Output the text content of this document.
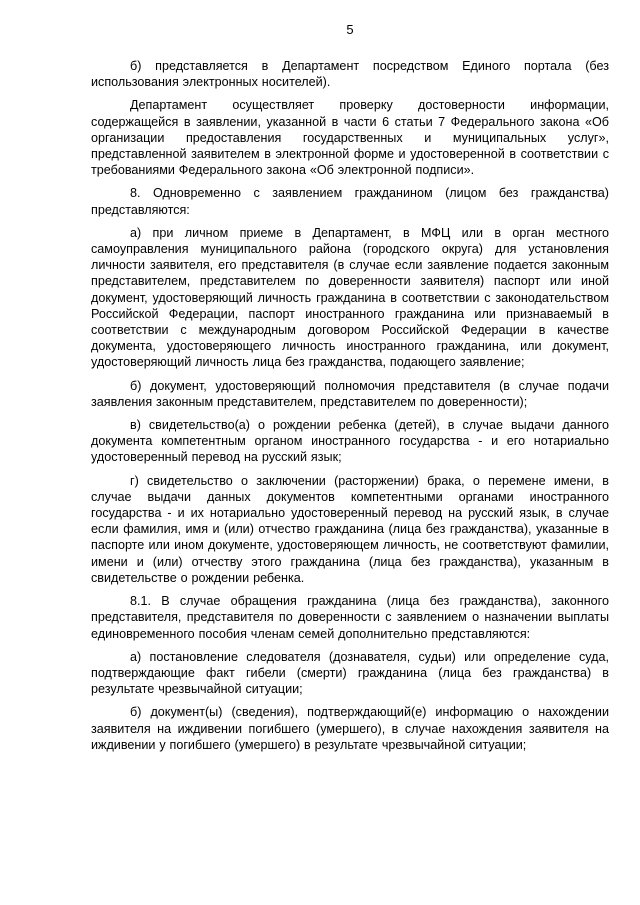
5

б) представляется в Департамент посредством Единого портала (без использования электронных носителей).

Департамент осуществляет проверку достоверности информации, содержащейся в заявлении, указанной в части 6 статьи 7 Федерального закона «Об организации предоставления государственных и муниципальных услуг», представленной заявителем в электронной форме и удостоверенной в соответствии с требованиями Федерального закона «Об электронной подписи».

8. Одновременно с заявлением гражданином (лицом без гражданства) представляются:

а) при личном приеме в Департамент, в МФЦ или в орган местного самоуправления муниципального района (городского округа) для установления личности заявителя, его представителя (в случае если заявление подается законным представителем, представителем по доверенности заявителя) паспорт или иной документ, удостоверяющий личность гражданина в соответствии с законодательством Российской Федерации, паспорт иностранного гражданина или признаваемый в соответствии с международным договором Российской Федерации в качестве документа, удостоверяющего личность иностранного гражданина, или документ, удостоверяющий личность лица без гражданства, подающего заявление;

б) документ, удостоверяющий полномочия представителя (в случае подачи заявления законным представителем, представителем по доверенности);

в) свидетельство(а) о рождении ребенка (детей), в случае выдачи данного документа компетентным органом иностранного государства - и его нотариально удостоверенный перевод на русский язык;

г) свидетельство о заключении (расторжении) брака, о перемене имени, в случае выдачи данных документов компетентными органами иностранного государства - и их нотариально удостоверенный перевод на русский язык, в случае если фамилия, имя и (или) отчество гражданина (лица без гражданства), указанные в паспорте или ином документе, удостоверяющем личность, не соответствуют фамилии, имени и (или) отчеству этого гражданина (лица без гражданства), указанным в свидетельстве о рождении ребенка.

8.1. В случае обращения гражданина (лица без гражданства), законного представителя, представителя по доверенности с заявлением о назначении выплаты единовременного пособия членам семей дополнительно представляются:

а) постановление следователя (дознавателя, судьи) или определение суда, подтверждающие факт гибели (смерти) гражданина (лица без гражданства) в результате чрезвычайной ситуации;

б) документ(ы) (сведения), подтверждающий(е) информацию о нахождении заявителя на иждивении погибшего (умершего), в случае нахождения заявителя на иждивении у погибшего (умершего) в результате чрезвычайной ситуации;
